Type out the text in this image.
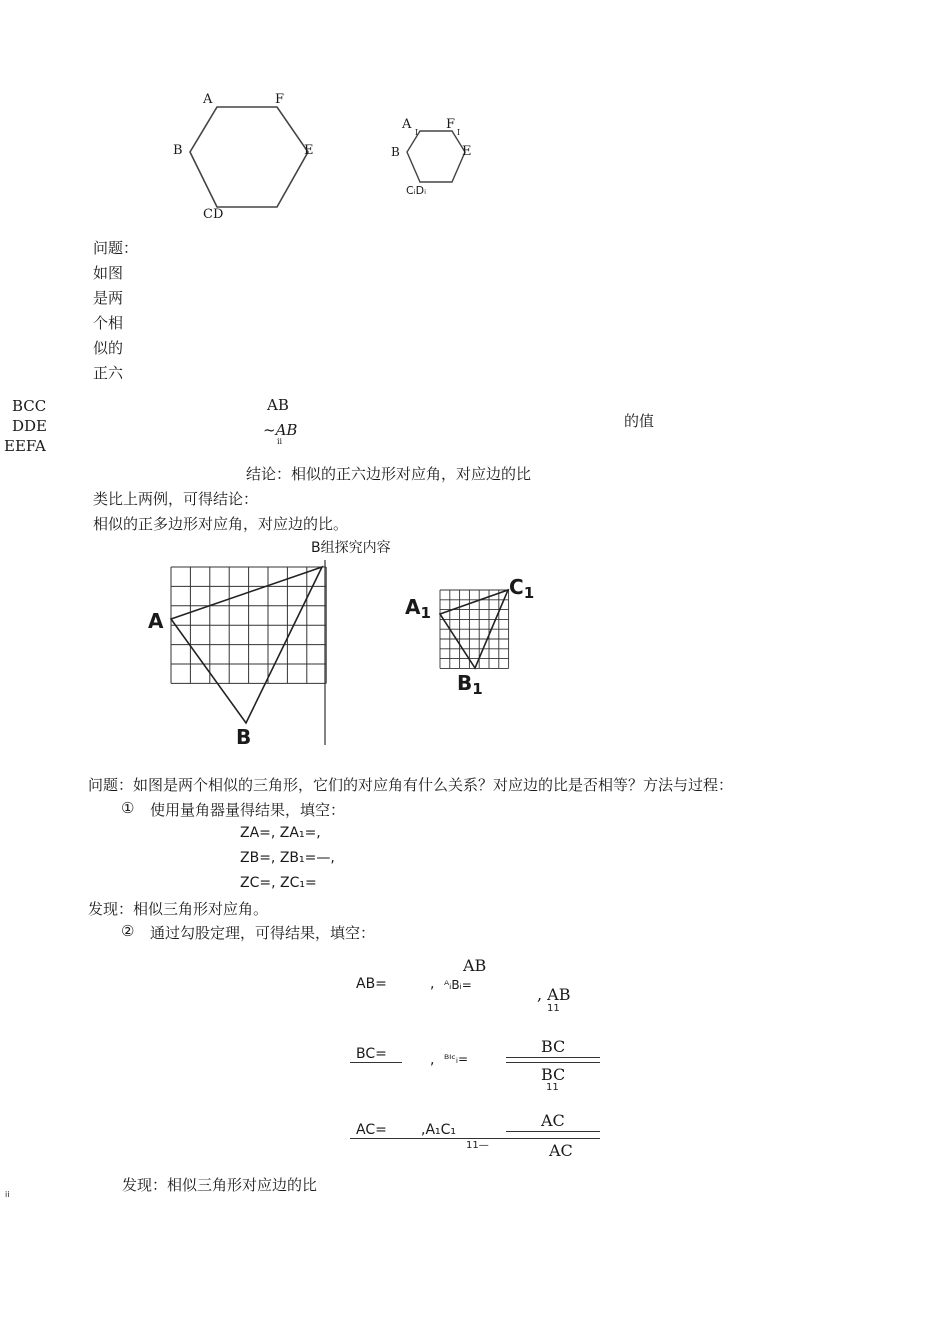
A	F
B	E
CD
A
I
F
I
B	E
CᵢDᵢ
问题：
如图
是两
个相
似的
正六
BCC
DDE
EEFA
AB
~AB
ii
的值
结论：相似的正六边形对应角，对应边的比
类比上两例，可得结论：
相似的正多边形对应角，对应边的比。
B组探究内容
A
B
$A_1$
$C_1$
$B_1$
问题：如图是两个相似的三角形，它们的对应角有什么关系？对应边的比是否相等？方法与过程：
① 使用量角器量得结果，填空：
ZA=, ZA₁=,
ZB=, ZB₁=—,
ZC=, ZC₁=
发现：相似三角形对应角。
② 通过勾股定理，可得结果，填空：
AB
AB=	, ᴬᵢBᵢ=	, AB
11
BC
BC=	, ᴮᴵᶜᵢ=
BC
11
AC
AC= ,A₁C₁
11—	AC
发现：相似三角形对应边的比
ii
